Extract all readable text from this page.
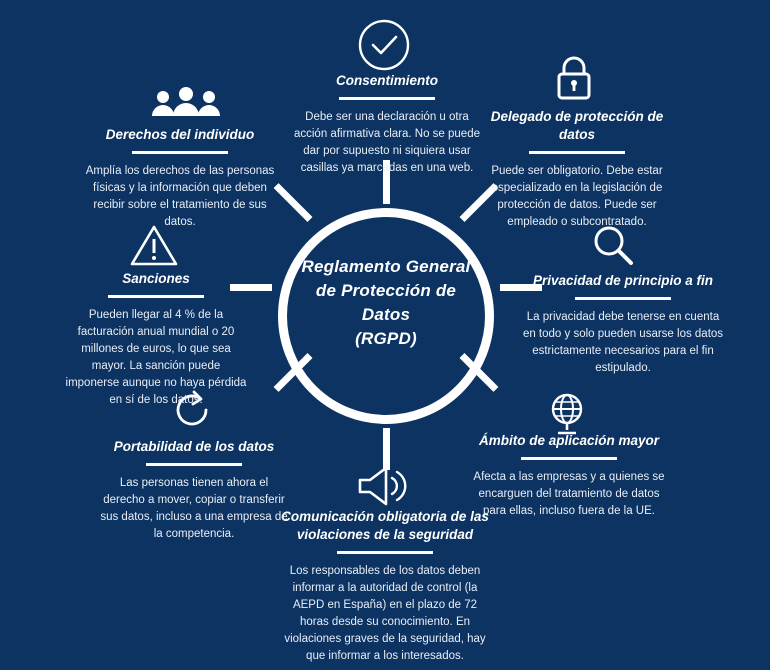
Reglamento General
de Protección de Datos
(RGPD)
Consentimiento
Debe ser una declaración u otra acción afirmativa clara. No se puede dar por supuesto ni siquiera usar casillas ya marcadas en una web.
Delegado de protección de datos
Puede ser obligatorio. Debe estar especializado en la legislación de protección de datos. Puede ser empleado o subcontratado.
Privacidad de principio a fin
La privacidad debe tenerse en cuenta en todo y solo pueden usarse los datos estrictamente necesarios para el fin estipulado.
Ámbito de aplicación mayor
Afecta a las empresas y a quienes se encarguen del tratamiento de datos para ellas, incluso fuera de la UE.
Comunicación obligatoria de las violaciones de la seguridad
Los responsables de los datos deben informar a la autoridad de control (la AEPD en España) en el plazo de 72 horas desde su conocimiento. En violaciones graves de la seguridad, hay que informar a los interesados.
Portabilidad de los datos
Las personas tienen ahora el derecho a mover, copiar o transferir sus datos, incluso a una empresa de la competencia.
Sanciones
Pueden llegar al 4 % de la facturación anual mundial o 20 millones de euros, lo que sea mayor. La sanción puede imponerse aunque no haya pérdida en sí de los datos.
Derechos del individuo
Amplía los derechos de las personas físicas y la información que deben recibir sobre el tratamiento de sus datos.
